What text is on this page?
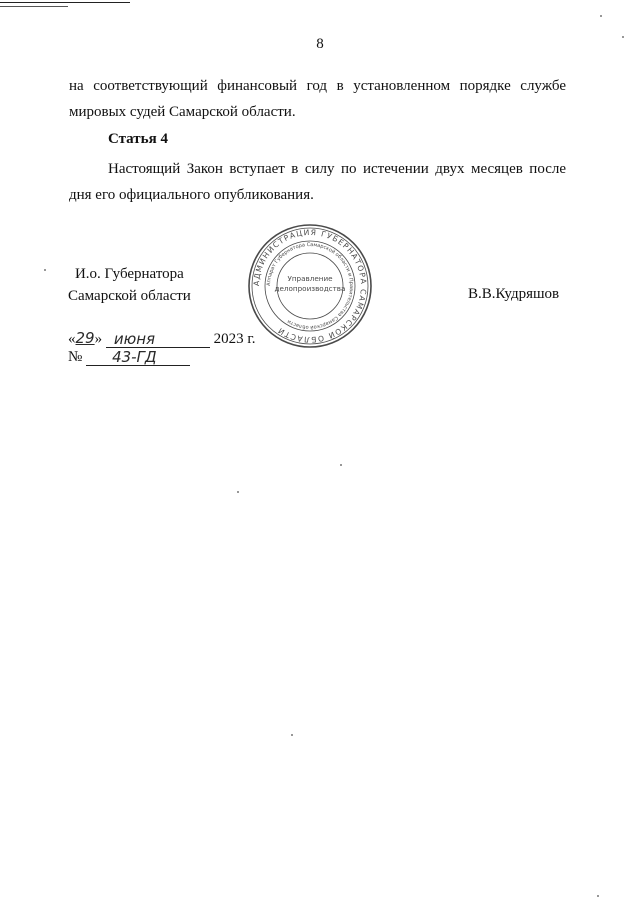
8
на соответствующий финансовый год в установленном порядке службе
мировых судей Самарской области.
Статья 4
Настоящий Закон вступает в силу по истечении двух месяцев после
дня его официального опубликования.
И.о. Губернатора
Самарской области	В.В.Кудряшов
АДМИНИСТРАЦИЯ ГУБЕРНАТОРА САМАРСКОЙ ОБЛАСТИ
Аппарат Губернатора Самарской области и Правительства Самарской области
Управление
делопроизводства
«29» июня	2023 г.
№ 43-ГД
